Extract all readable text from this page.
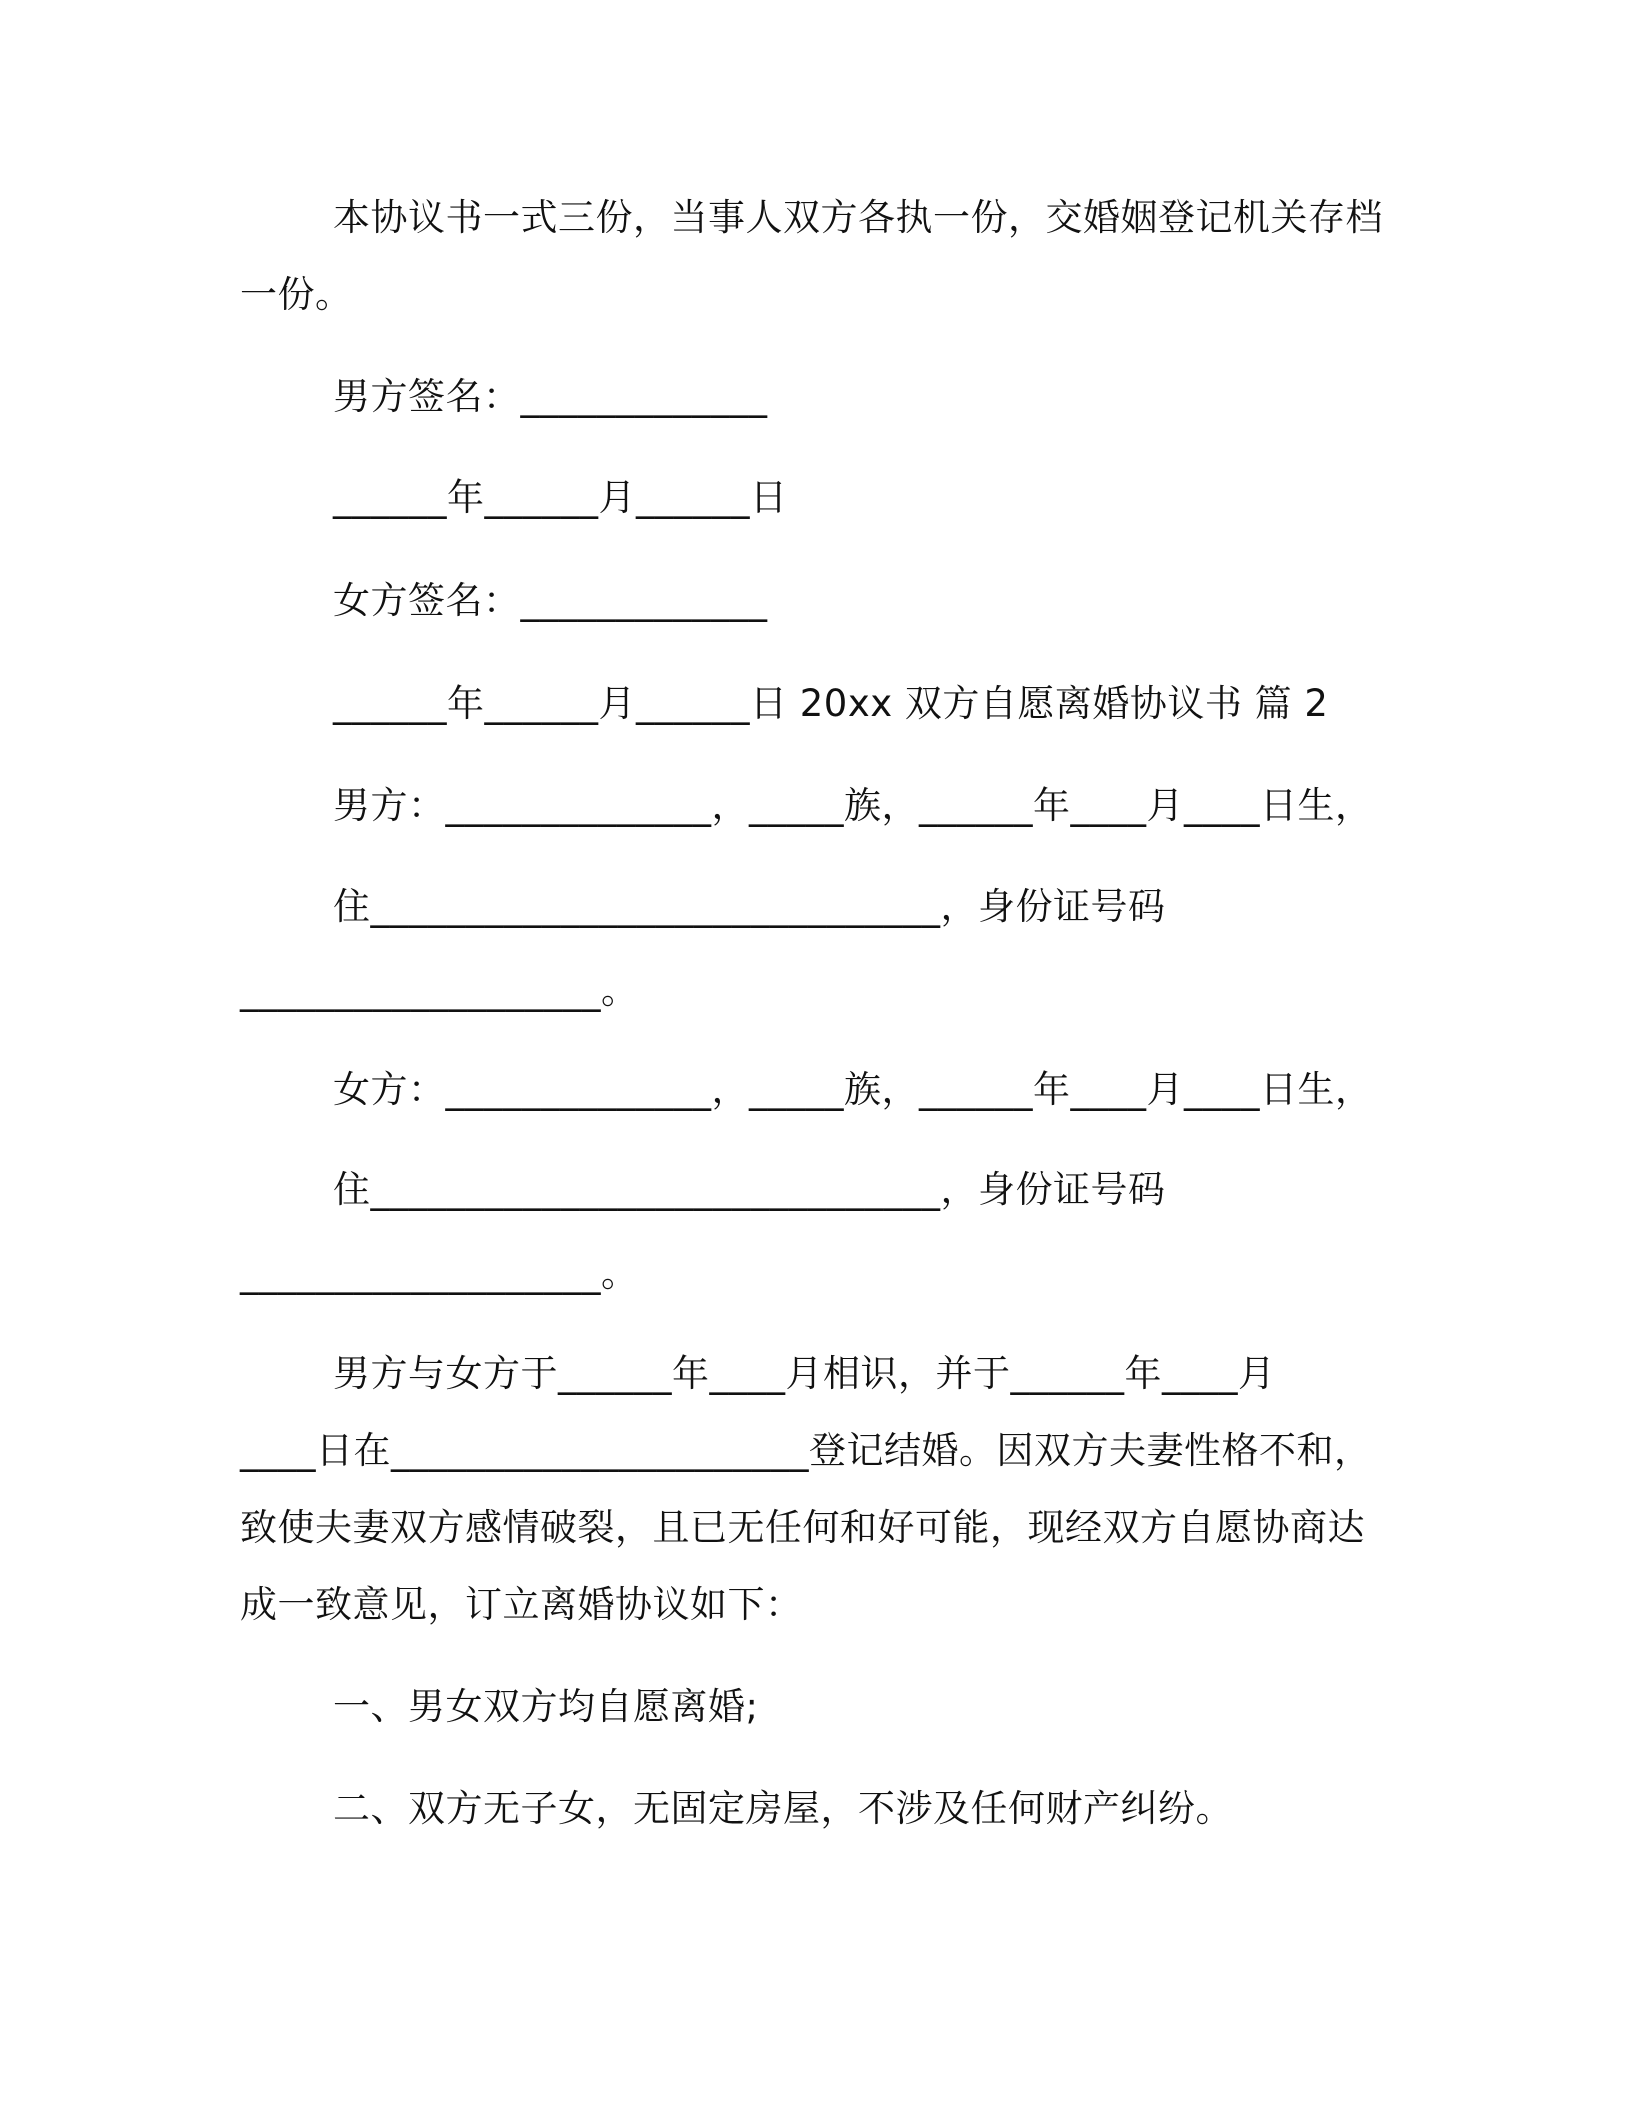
本协议书一式三份，当事人双方各执一份，交婚姻登记机关存档
一份。
男方签名：_____________
______年______月______日
女方签名：_____________
______年______月______日 20xx 双方自愿离婚协议书 篇 2
男方：______________，_____族，______年____月____日生，
住______________________________，身份证号码
___________________。
女方：______________，_____族，______年____月____日生，
住______________________________，身份证号码
___________________。
男方与女方于______年____月相识，并于______年____月
____日在______________________登记结婚。因双方夫妻性格不和，
致使夫妻双方感情破裂，且已无任何和好可能，现经双方自愿协商达
成一致意见，订立离婚协议如下：
一、男女双方均自愿离婚;
二、双方无子女，无固定房屋，不涉及任何财产纠纷。
